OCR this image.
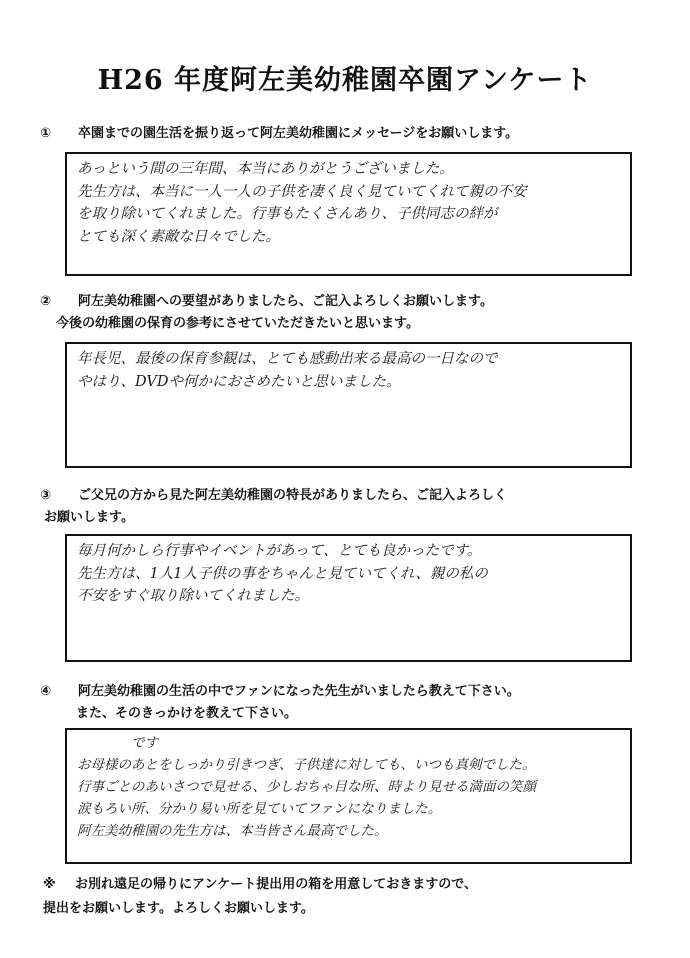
H26 年度阿左美幼稚園卒園アンケート
① 卒園までの園生活を振り返って阿左美幼稚園にメッセージをお願いします。
あっという間の三年間、本当にありがとうございました。
先生方は、本当に一人一人の子供を凄く良く見ていてくれて親の不安
を取り除いてくれました。行事もたくさんあり、子供同志の絆が
とても深く素敵な日々でした。
② 阿左美幼稚園への要望がありましたら、ご記入よろしくお願いします。
今後の幼稚園の保育の参考にさせていただきたいと思います。
年長児、最後の保育参観は、とても感動出来る最高の一日なので
やはり、DVDや何かにおさめたいと思いました。
③ ご父兄の方から見た阿左美幼稚園の特長がありましたら、ご記入よろしく
お願いします。
毎月何かしら行事やイベントがあって、とても良かったです。
先生方は、1人1人子供の事をちゃんと見ていてくれ、親の私の
不安をすぐ取り除いてくれました。
④ 阿左美幼稚園の生活の中でファンになった先生がいましたら教えて下さい。
また、そのきっかけを教えて下さい。
　　　　です
お母様のあとをしっかり引きつぎ、子供達に対しても、いつも真剣でした。
行事ごとのあいさつで見せる、少しおちゃ目な所、時より見せる満面の笑顔
涙もろい所、分かり易い所を見ていてファンになりました。
阿左美幼稚園の先生方は、本当皆さん最高でした。
※ お別れ遠足の帰りにアンケート提出用の箱を用意しておきますので、
提出をお願いします。よろしくお願いします。
